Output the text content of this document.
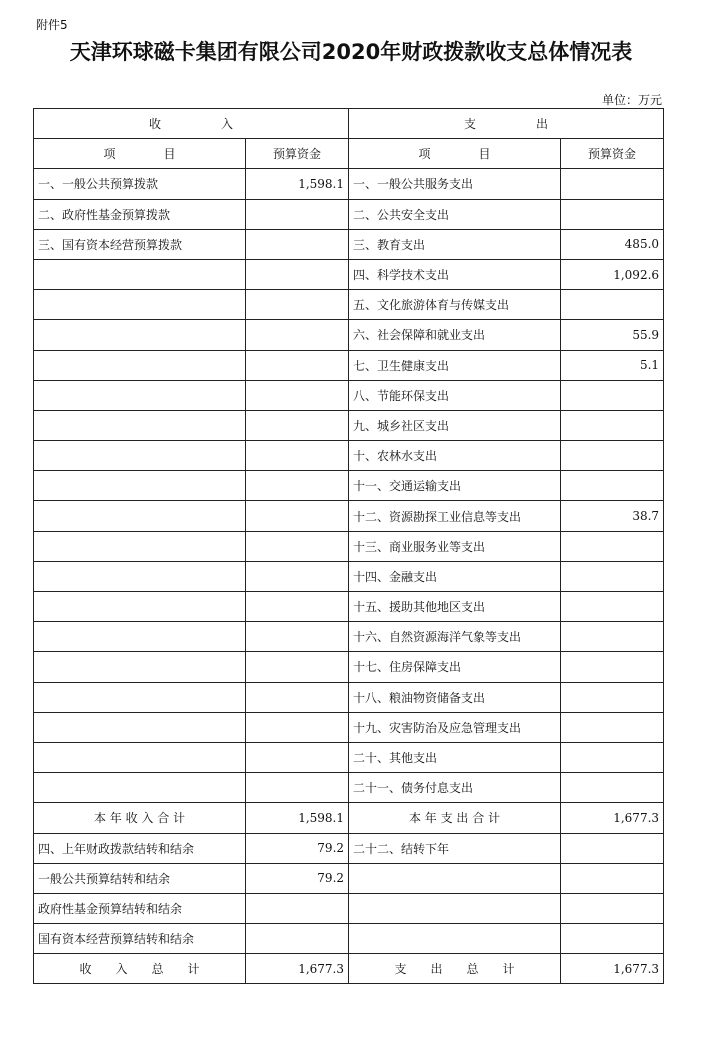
附件5
天津环球磁卡集团有限公司2020年财政拨款收支总体情况表
单位：万元
收　　　　　入		支　　　　　出	
项　　　　目	预算资金	项　　　　目	预算资金
一、一般公共预算拨款	1,598.1	一、一般公共服务支出	
二、政府性基金预算拨款		二、公共安全支出	
三、国有资本经营预算拨款		三、教育支出	485.0
		四、科学技术支出	1,092.6
		五、文化旅游体育与传媒支出	
		六、社会保障和就业支出	55.9
		七、卫生健康支出	5.1
		八、节能环保支出	
		九、城乡社区支出	
		十、农林水支出	
		十一、交通运输支出	
		十二、资源勘探工业信息等支出	38.7
		十三、商业服务业等支出	
		十四、金融支出	
		十五、援助其他地区支出	
		十六、自然资源海洋气象等支出	
		十七、住房保障支出	
		十八、粮油物资储备支出	
		十九、灾害防治及应急管理支出	
		二十、其他支出	
		二十一、债务付息支出	
本 年 收 入 合 计	1,598.1	本 年 支 出 合 计	1,677.3
四、上年财政拨款结转和结余	79.2	二十二、结转下年	
一般公共预算结转和结余	79.2		
政府性基金预算结转和结余			
国有资本经营预算结转和结余			
收　　入　　总　　计	1,677.3	支　　出　　总　　计	1,677.3
